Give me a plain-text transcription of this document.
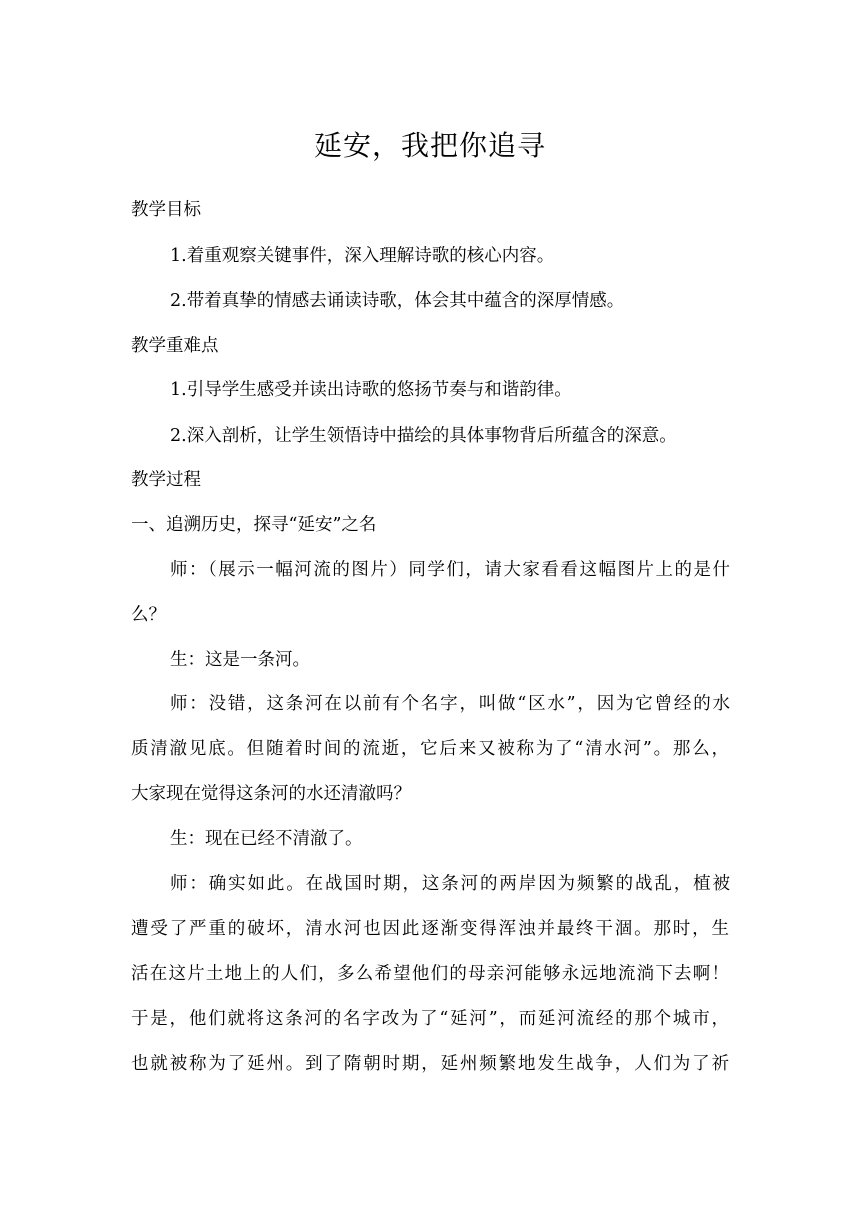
延安，我把你追寻
教学目标
1.着重观察关键事件，深入理解诗歌的核心内容。
2.带着真挚的情感去诵读诗歌，体会其中蕴含的深厚情感。
教学重难点
1.引导学生感受并读出诗歌的悠扬节奏与和谐韵律。
2.深入剖析，让学生领悟诗中描绘的具体事物背后所蕴含的深意。
教学过程
一、追溯历史，探寻“延安”之名
师：（展示一幅河流的图片）同学们，请大家看看这幅图片上的是什
么？
生：这是一条河。
师：没错，这条河在以前有个名字，叫做“区水”，因为它曾经的水
质清澈见底。但随着时间的流逝，它后来又被称为了“清水河”。那么，
大家现在觉得这条河的水还清澈吗？
生：现在已经不清澈了。
师：确实如此。在战国时期，这条河的两岸因为频繁的战乱，植被
遭受了严重的破坏，清水河也因此逐渐变得浑浊并最终干涸。那时，生
活在这片土地上的人们，多么希望他们的母亲河能够永远地流淌下去啊！
于是，他们就将这条河的名字改为了“延河”，而延河流经的那个城市，
也就被称为了延州。到了隋朝时期，延州频繁地发生战争，人们为了祈
